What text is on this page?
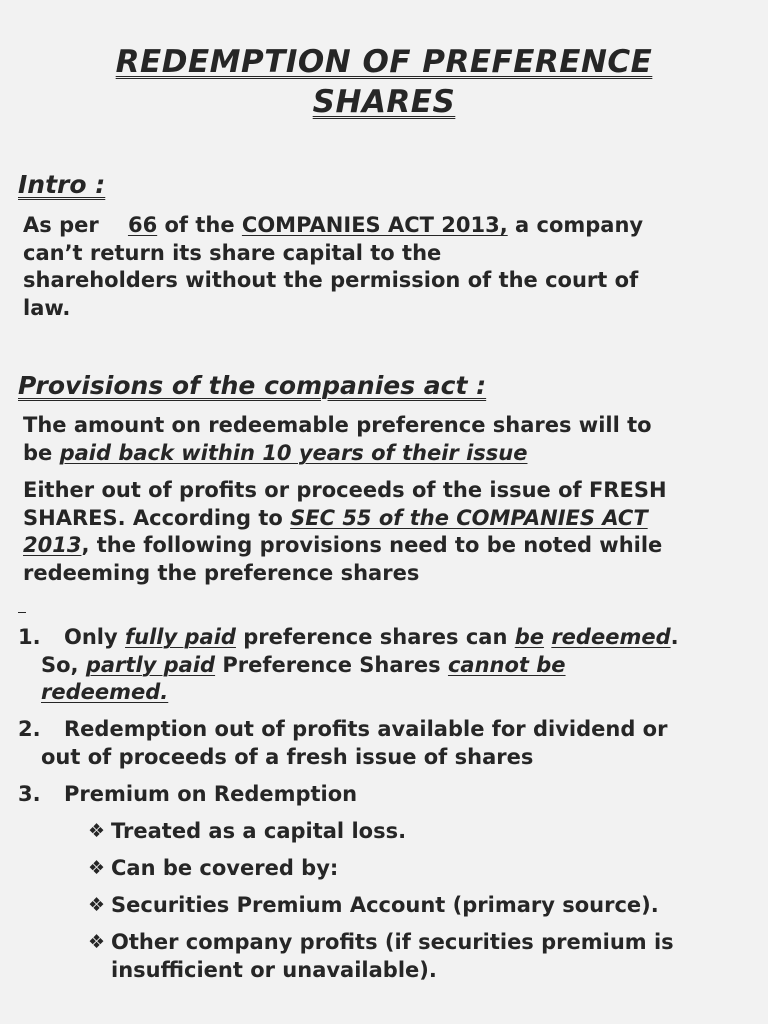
REDEMPTION OF PREFERENCE
SHARES
Intro :
As per 66 of the COMPANIES ACT 2013, a company
can’t return its share capital to the
shareholders without the permission of the court of
law.
Provisions of the companies act :
The amount on redeemable preference shares will to
be paid back within 10 years of their issue
Either out of profits or proceeds of the issue of FRESH
SHARES. According to SEC 55 of the COMPANIES ACT
2013, the following provisions need to be noted while
redeeming the preference shares
1. Only fully paid preference shares can be redeemed.
So, partly paid Preference Shares cannot be
redeemed.
2. Redemption out of profits available for dividend or
out of proceeds of a fresh issue of shares
3. Premium on Redemption
❖ Treated as a capital loss.
❖ Can be covered by:
❖ Securities Premium Account (primary source).
❖ Other company profits (if securities premium is insufficient or unavailable).
